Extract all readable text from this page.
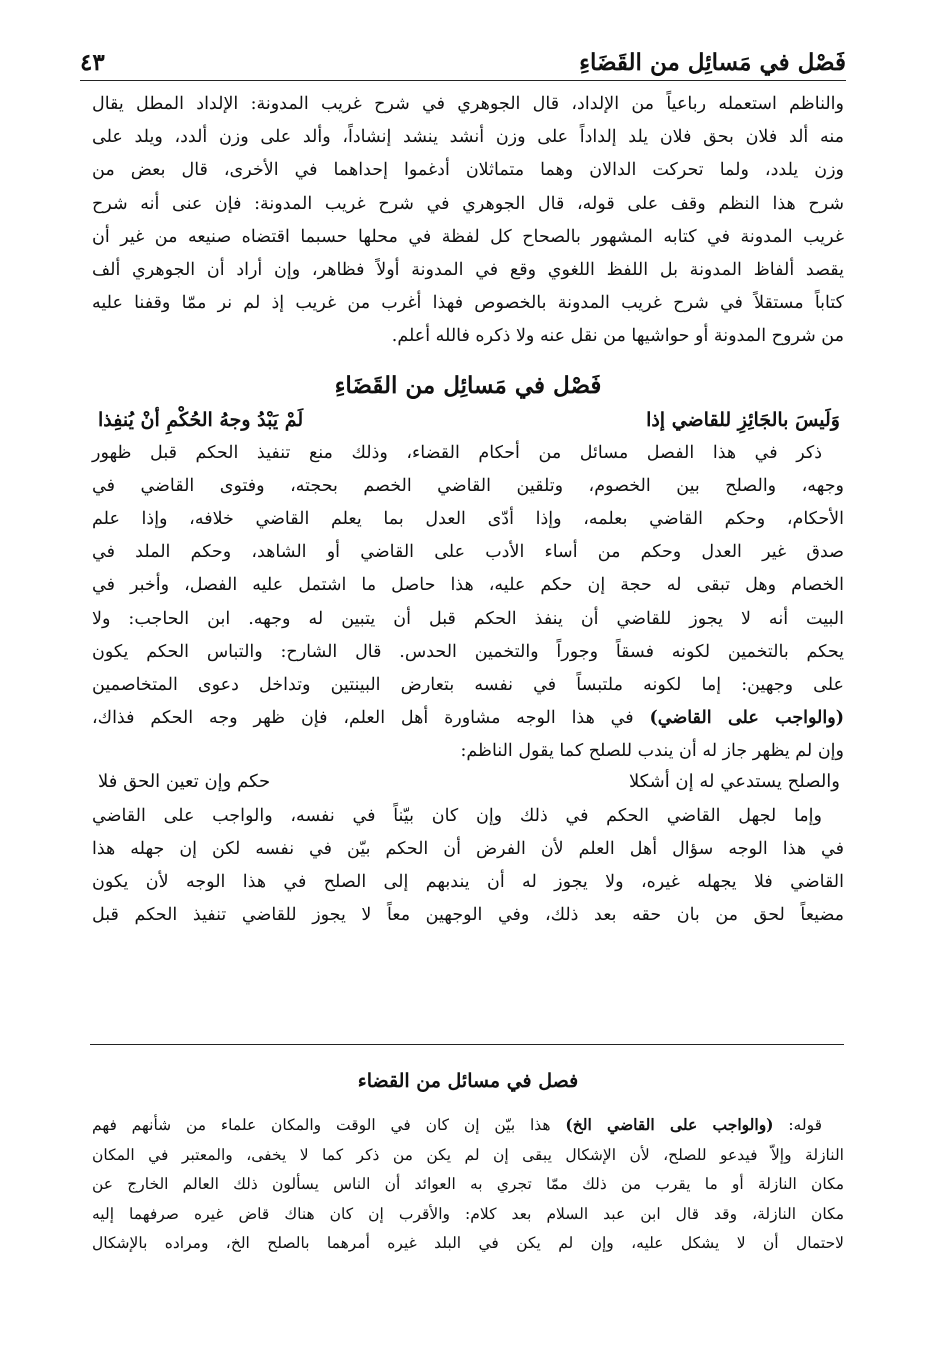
فَصْل في مَسائِل من القَضَاءِ
٤٣

والناظم استعمله رباعياً من الإلداد، قال الجوهري في شرح غريب المدونة: الإلداد المطل يقال
منه ألد فلان بحق فلان يلد إلداداً على وزن أنشد ينشد إنشاداً، وألد على وزن ألدد، ويلد على
وزن يلدد، ولما تحركت الدالان وهما متماثلان أدغموا إحداهما في الأخرى، قال بعض من
شرح هذا النظم وقف على قوله، قال الجوهري في شرح غريب المدونة: فإن عنى أنه شرح
غريب المدونة في كتابه المشهور بالصحاح كل لفظة في محلها حسبما اقتضاه صنيعه من غير أن
يقصد ألفاظ المدونة بل اللفظ اللغوي وقع في المدونة أولاً فظاهر، وإن أراد أن الجوهري ألف
كتاباً مستقلاً في شرح غريب المدونة بالخصوص فهذا أغرب من غريب إذ لم نر ممّا وقفنا عليه
من شروح المدونة أو حواشيها من نقل عنه ولا ذكره فالله أعلم.

فَصْل في مَسائِل من القَضَاءِ
وَلَيسَ بالجَائِزِ للقاضي إذا
لَمْ يَبْدُ وجهُ الحُكْمِ أنْ يُنفِذا

ذكر في هذا الفصل مسائل من أحكام القضاء، وذلك منع تنفيذ الحكم قبل ظهور
وجهه، والصلح بين الخصوم، وتلقين القاضي الخصم بحجته، وفتوى القاضي في
الأحكام، وحكم القاضي بعلمه، وإذا أدّى العدل بما يعلم القاضي خلافه، وإذا علم
صدق غير العدل وحكم من أساء الأدب على القاضي أو الشاهد، وحكم الملد في
الخصام وهل تبقى له حجة إن حكم عليه، هذا حاصل ما اشتمل عليه الفصل، وأخبر في
البيت أنه لا يجوز للقاضي أن ينفذ الحكم قبل أن يتبين له وجهه. ابن الحاجب: ولا
يحكم بالتخمين لكونه فسقاً وجوراً والتخمين الحدس. قال الشارح: والتباس الحكم يكون
على وجهين: إما لكونه ملتبساً في نفسه بتعارض البينتين وتداخل دعوى المتخاصمين
(والواجب على القاضي) في هذا الوجه مشاورة أهل العلم، فإن ظهر وجه الحكم فذاك،
وإن لم يظهر جاز له أن يندب للصلح كما يقول الناظم:

والصلح يستدعي له إن أشكلا
حكم وإن تعين الحق فلا

وإما لجهل القاضي الحكم في ذلك وإن كان بيّناً في نفسه، والواجب على القاضي
في هذا الوجه سؤال أهل العلم لأن الفرض أن الحكم بيّن في نفسه لكن إن جهله هذا
القاضي فلا يجهله غيره، ولا يجوز له أن يندبهم إلى الصلح في هذا الوجه لأن يكون
مضيعاً لحق من بان حقه بعد ذلك، وفي الوجهين معاً لا يجوز للقاضي تنفيذ الحكم قبل

فصل في مسائل من القضاء

قوله: (والواجب على القاضي الخ) هذا بيّن إن كان في الوقت والمكان علماء من شأنهم فهم
النازلة وإلاّ فيدعو للصلح، لأن الإشكال يبقى إن لم يكن من ذكر كما لا يخفى، والمعتبر في المكان
مكان النازلة أو ما يقرب من ذلك ممّا تجري به العوائد أن الناس يسألون ذلك العالم الخارج عن
مكان النازلة، وقد قال ابن عبد السلام بعد كلام: والأقرب إن كان هناك قاض غيره صرفهما إليه
لاحتمال أن لا يشكل عليه، وإن لم يكن في البلد غيره أمرهما بالصلح الخ، ومراده بالإشكال
